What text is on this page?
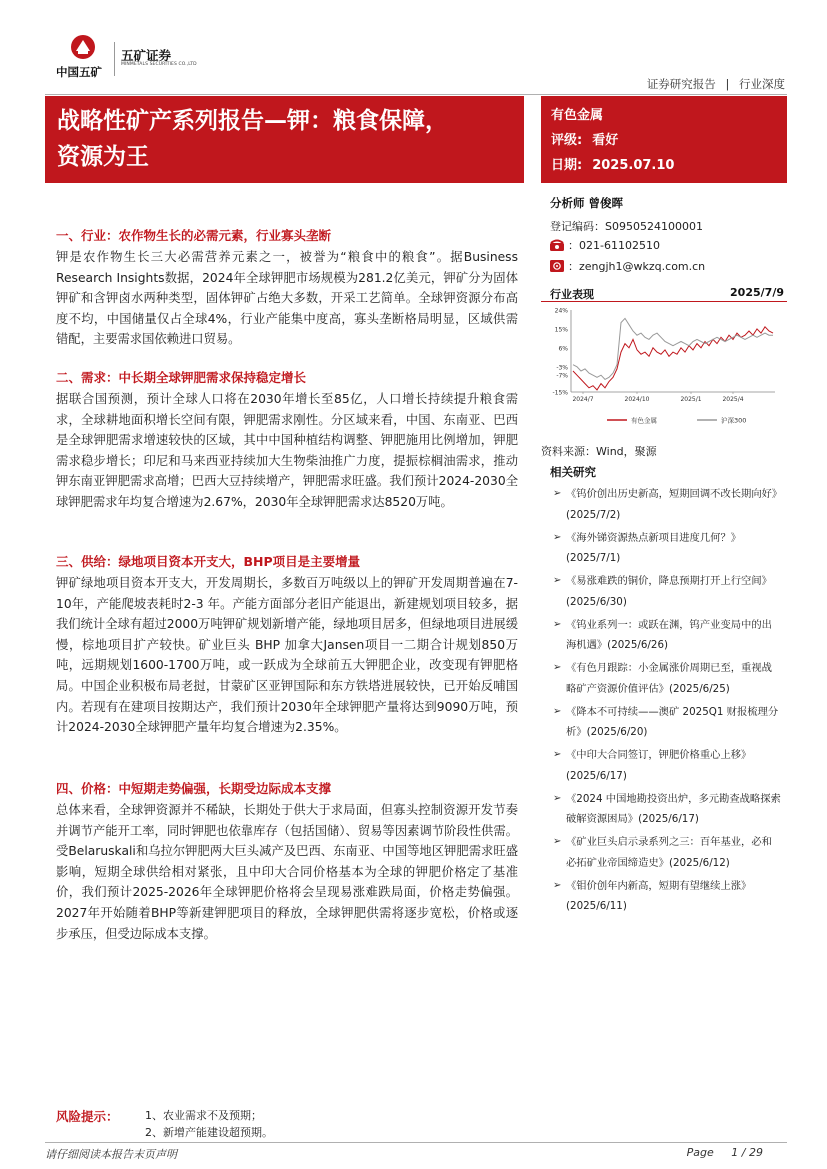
中国五矿
五矿证券
MINMETALS SECURITIES CO.,LTD
证券研究报告 | 行业深度
战略性矿产系列报告—钾：粮食保障，
资源为王
有色金属
评级: 看好
日期: 2025.07.10
分析师 曾俊晖
登记编码：S0950524100001
：021-61102510
：zengjh1@wkzq.com.cn
行业表现	2025/7/9
24%
15%
6%
-3%
-7%
-15%
2024/7	2024/10	2025/1	2025/4
有色金属	沪深300
资料来源：Wind，聚源
相关研究
➢ 《钨价创出历史新高，短期回调不改长期向好》(2025/7/2)
➢ 《海外锑资源热点新项目进度几何？》(2025/7/1)
➢ 《易涨难跌的铜价，降息预期打开上行空间》(2025/6/30)
➢ 《钨业系列一：或跃在渊，钨产业变局中的出海机遇》(2025/6/26)
➢ 《有色月跟踪：小金属涨价周期已至，重视战略矿产资源价值评估》(2025/6/25)
➢ 《降本不可持续——澳矿 2025Q1 财报梳理分析》(2025/6/20)
➢ 《中印大合同签订，钾肥价格重心上移》(2025/6/17)
➢ 《2024 中国地勘投资出炉，多元勘查战略探索破解资源困局》(2025/6/17)
➢ 《矿业巨头启示录系列之三：百年基业，必和必拓矿业帝国缔造史》(2025/6/12)
➢ 《钼价创年内新高，短期有望继续上涨》(2025/6/11)
一、行业：农作物生长的必需元素，行业寡头垄断
钾是农作物生长三大必需营养元素之一，被誉为“粮食中的粮食”。据Business Research Insights数据，2024年全球钾肥市场规模为281.2亿美元，钾矿分为固体钾矿和含钾卤水两种类型，固体钾矿占绝大多数，开采工艺简单。全球钾资源分布高度不均，中国储量仅占全球4%，行业产能集中度高，寡头垄断格局明显，区域供需错配，主要需求国依赖进口贸易。
二、需求：中长期全球钾肥需求保持稳定增长
据联合国预测，预计全球人口将在2030年增长至85亿，人口增长持续提升粮食需求，全球耕地面积增长空间有限，钾肥需求刚性。分区域来看，中国、东南亚、巴西是全球钾肥需求增速较快的区域，其中中国种植结构调整、钾肥施用比例增加，钾肥需求稳步增长；印尼和马来西亚持续加大生物柴油推广力度，提振棕榈油需求，推动钾东南亚钾肥需求高增；巴西大豆持续增产，钾肥需求旺盛。我们预计2024-2030全球钾肥需求年均复合增速为2.67%，2030年全球钾肥需求达8520万吨。
三、供给：绿地项目资本开支大，BHP项目是主要增量
钾矿绿地项目资本开支大，开发周期长，多数百万吨级以上的钾矿开发周期普遍在7-10年，产能爬坡表耗时2-3 年。产能方面部分老旧产能退出，新建规划项目较多，据我们统计全球有超过2000万吨钾矿规划新增产能，绿地项目居多，但绿地项目进展缓慢，棕地项目扩产较快。矿业巨头 BHP 加拿大Jansen项目一二期合计规划850万吨，远期规划1600-1700万吨，或一跃成为全球前五大钾肥企业，改变现有钾肥格局。中国企业积极布局老挝，甘蒙矿区亚钾国际和东方铁塔进展较快，已开始反哺国内。若现有在建项目按期达产，我们预计2030年全球钾肥产量将达到9090万吨，预计2024-2030全球钾肥产量年均复合增速为2.35%。
四、价格：中短期走势偏强，长期受边际成本支撑
总体来看，全球钾资源并不稀缺，长期处于供大于求局面，但寡头控制资源开发节奏并调节产能开工率，同时钾肥也依靠库存（包括国储）、贸易等因素调节阶段性供需。受Belaruskali和乌拉尔钾肥两大巨头减产及巴西、东南亚、中国等地区钾肥需求旺盛影响，短期全球供给相对紧张，且中印大合同价格基本为全球的钾肥价格定了基准价，我们预计2025-2026年全球钾肥价格将会呈现易涨难跌局面，价格走势偏强。2027年开始随着BHP等新建钾肥项目的释放，全球钾肥供需将逐步宽松，价格或逐步承压，但受边际成本支撑。
风险提示： 1、农业需求不及预期；
2、新增产能建设超预期。
请仔细阅读本报告末页声明	Page 1 / 29
